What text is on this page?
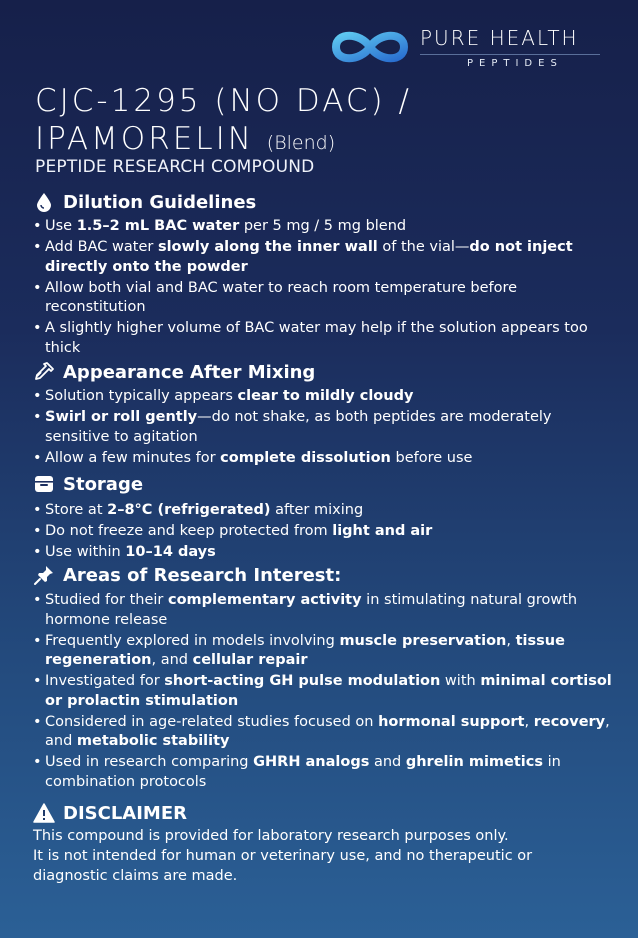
PURE HEALTH
PEPTIDES
CJC-1295 (NO DAC) /
IPAMORELIN (Blend)
PEPTIDE RESEARCH COMPOUND
Dilution Guidelines
• Use 1.5–2 mL BAC water per 5 mg / 5 mg blend
• Add BAC water slowly along the inner wall of the vial—do not inject directly onto the powder
• Allow both vial and BAC water to reach room temperature before reconstitution
• A slightly higher volume of BAC water may help if the solution appears too thick
Appearance After Mixing
• Solution typically appears clear to mildly cloudy
• Swirl or roll gently—do not shake, as both peptides are moderately sensitive to agitation
• Allow a few minutes for complete dissolution before use
Storage
• Store at 2–8°C (refrigerated) after mixing
• Do not freeze and keep protected from light and air
• Use within 10–14 days
Areas of Research Interest:
• Studied for their complementary activity in stimulating natural growth hormone release
• Frequently explored in models involving muscle preservation, tissue regeneration, and cellular repair
• Investigated for short-acting GH pulse modulation with minimal cortisol or prolactin stimulation
• Considered in age-related studies focused on hormonal support, recovery, and metabolic stability
• Used in research comparing GHRH analogs and ghrelin mimetics in combination protocols
DISCLAIMER
This compound is provided for laboratory research purposes only.
It is not intended for human or veterinary use, and no therapeutic or
diagnostic claims are made.
